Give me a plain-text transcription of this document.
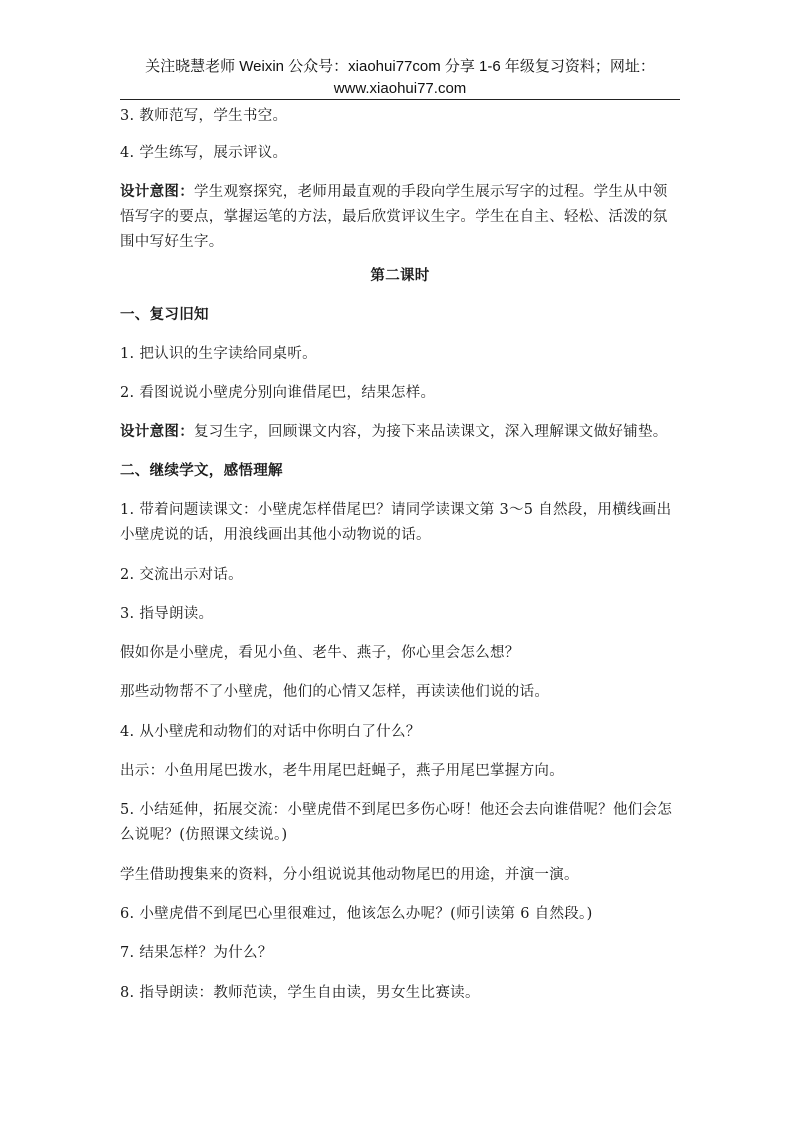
关注晓慧老师 Weixin 公众号：xiaohui77com 分享 1-6 年级复习资料；网址：
www.xiaohui77.com
3. 教师范写，学生书空。
4. 学生练写，展示评议。
设计意图：学生观察探究，老师用最直观的手段向学生展示写字的过程。学生从中领悟写字的要点，掌握运笔的方法，最后欣赏评议生字。学生在自主、轻松、活泼的氛围中写好生字。
第二课时
一、复习旧知
1. 把认识的生字读给同桌听。
2. 看图说说小壁虎分别向谁借尾巴，结果怎样。
设计意图：复习生字，回顾课文内容，为接下来品读课文，深入理解课文做好铺垫。
二、继续学文，感悟理解
1. 带着问题读课文：小壁虎怎样借尾巴？请同学读课文第 3～5 自然段，用横线画出小壁虎说的话，用浪线画出其他小动物说的话。
2. 交流出示对话。
3. 指导朗读。
假如你是小壁虎，看见小鱼、老牛、燕子，你心里会怎么想？
那些动物帮不了小壁虎，他们的心情又怎样，再读读他们说的话。
4. 从小壁虎和动物们的对话中你明白了什么？
出示：小鱼用尾巴拨水，老牛用尾巴赶蝇子，燕子用尾巴掌握方向。
5. 小结延伸，拓展交流：小壁虎借不到尾巴多伤心呀！他还会去向谁借呢？他们会怎么说呢？(仿照课文续说。)
学生借助搜集来的资料，分小组说说其他动物尾巴的用途，并演一演。
6. 小壁虎借不到尾巴心里很难过，他该怎么办呢？(师引读第 6 自然段。)
7. 结果怎样？为什么？
8. 指导朗读：教师范读，学生自由读，男女生比赛读。
